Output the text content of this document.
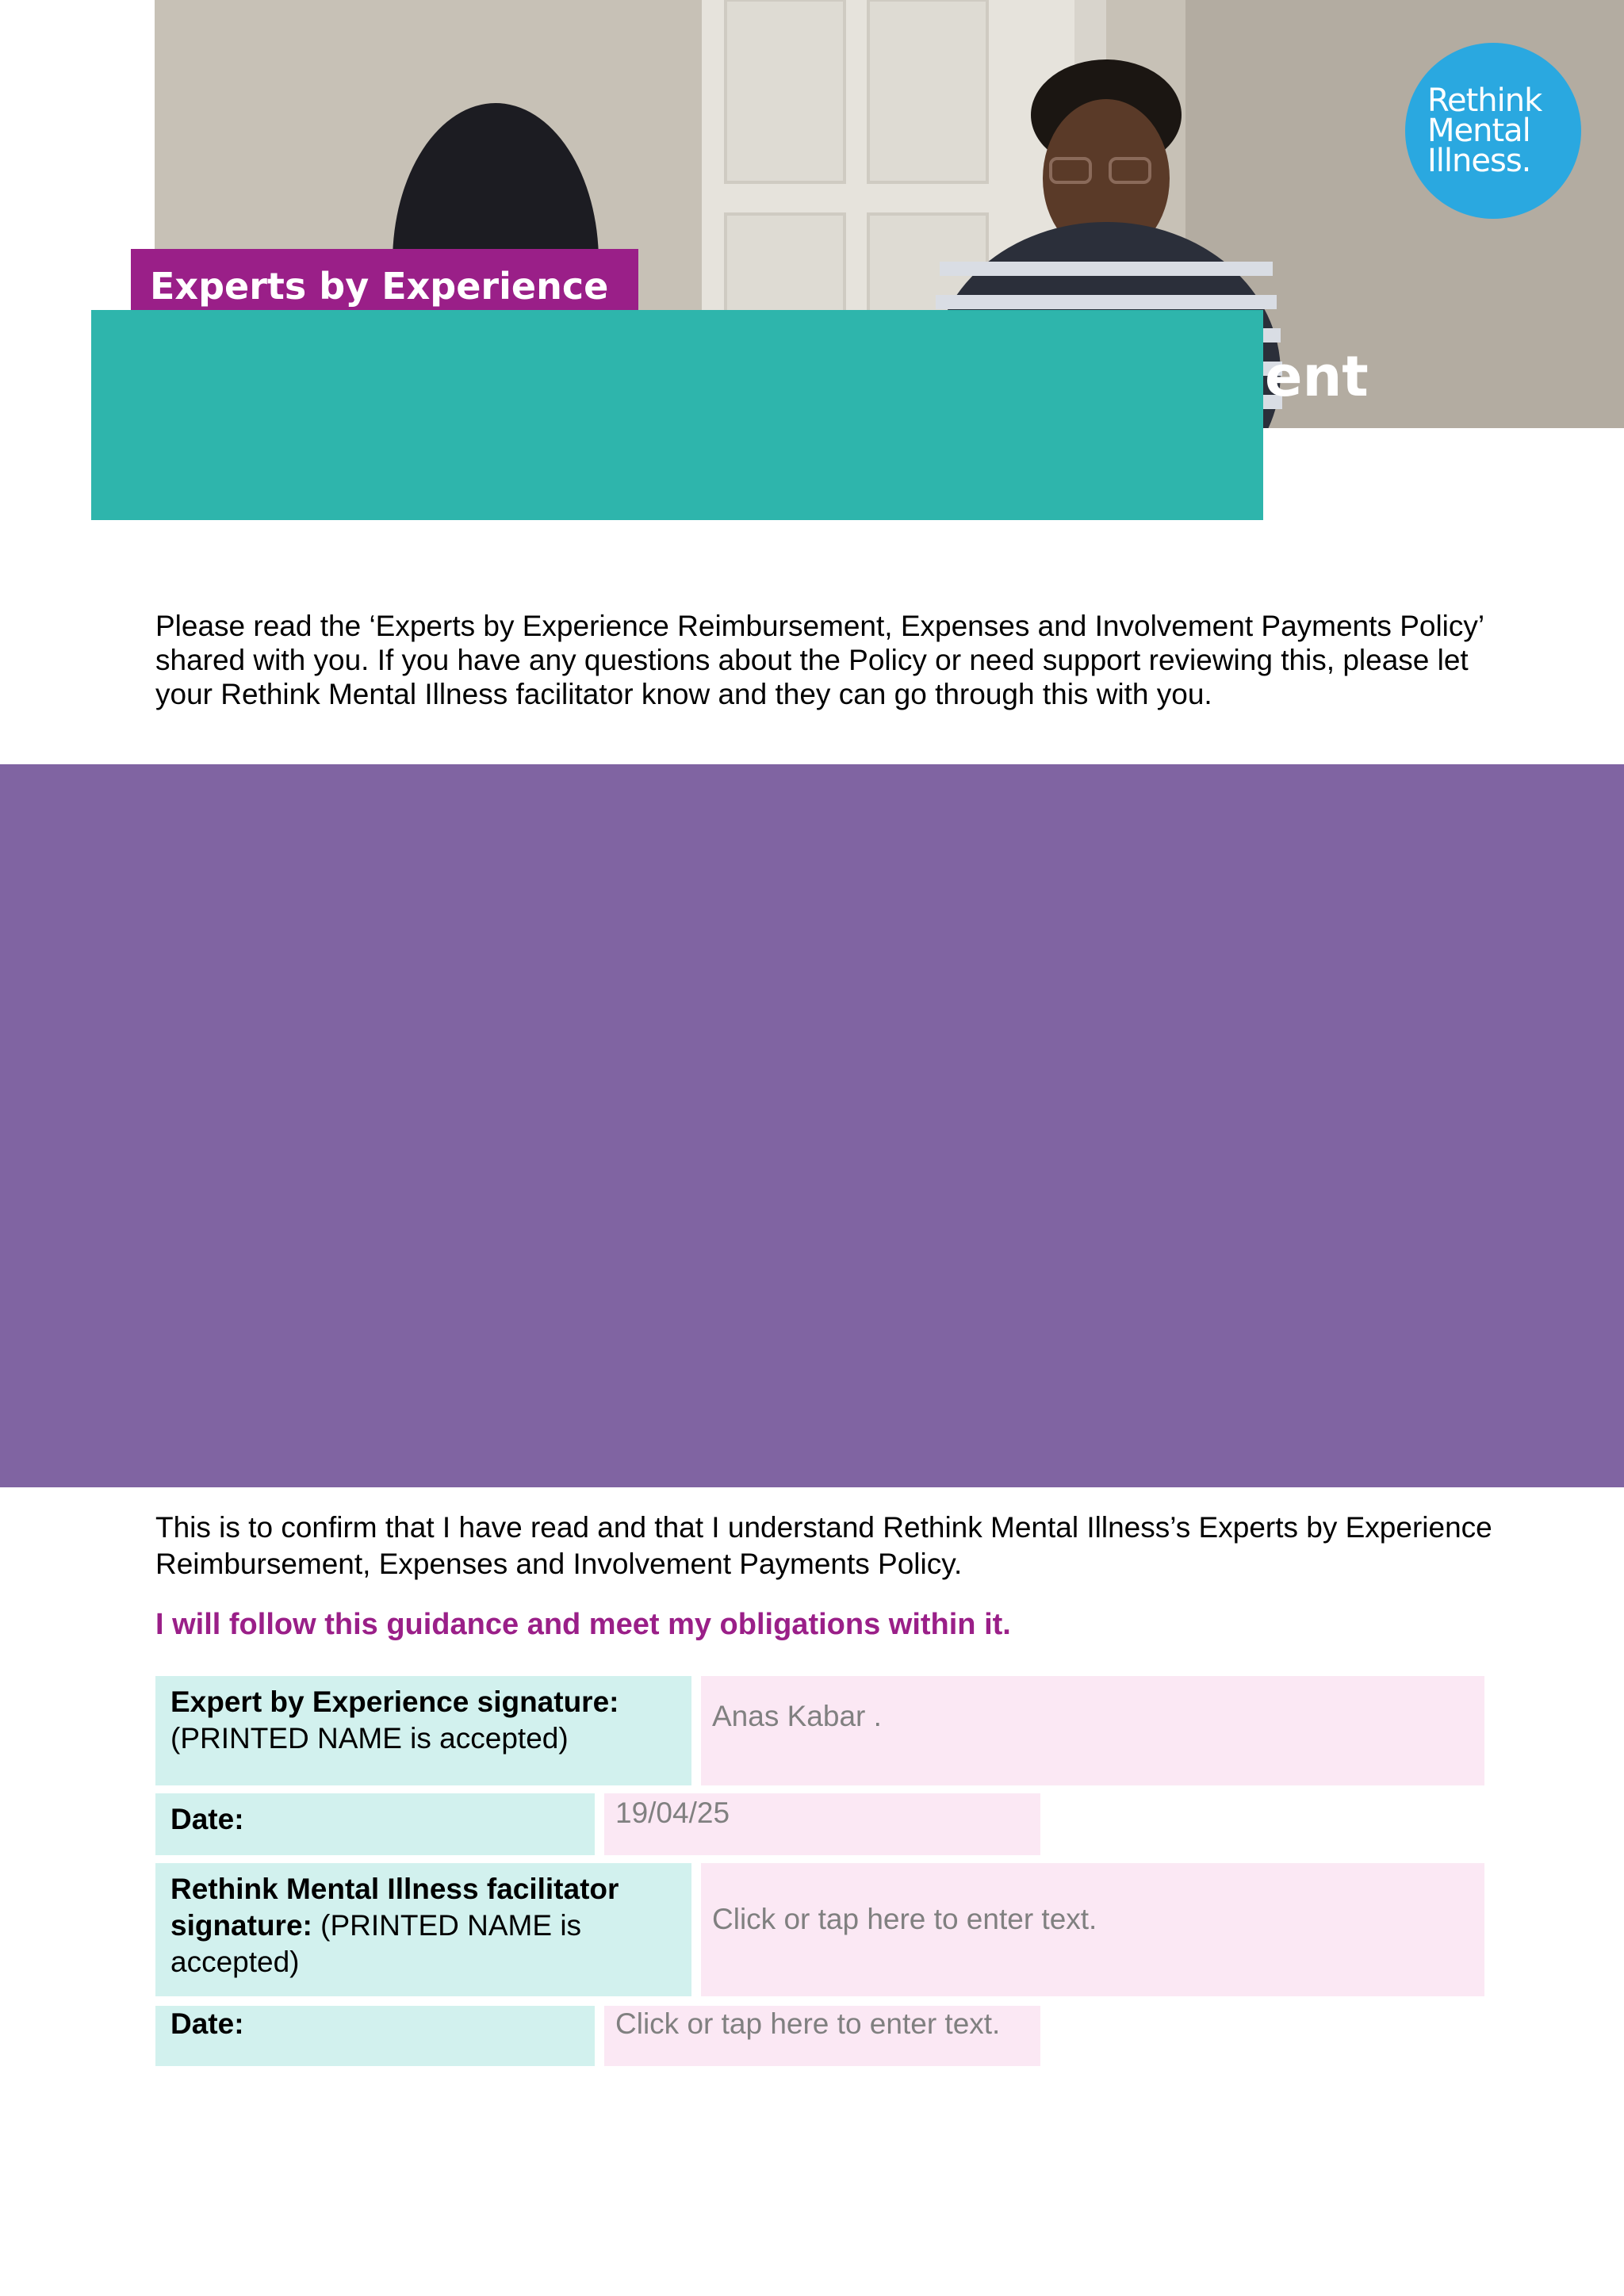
Rethink
Mental
Illness.
ent
Experts by Experience
Please read the ‘Experts by Experience Reimbursement, Expenses and Involvement Payments Policy’ shared with you. If you have any questions about the Policy or need support reviewing this, please let your Rethink Mental Illness facilitator know and they can go through this with you.
This is to confirm that I have read and that I understand Rethink Mental Illness’s Experts by Experience Reimbursement, Expenses and Involvement Payments Policy.
I will follow this guidance and meet my obligations within it.
Expert by Experience signature:
(PRINTED NAME is accepted)
Anas Kabar .
Date:	19/04/25
Rethink Mental Illness facilitator signature: (PRINTED NAME is accepted)
Click or tap here to enter text.
Date:	Click or tap here to enter text.
